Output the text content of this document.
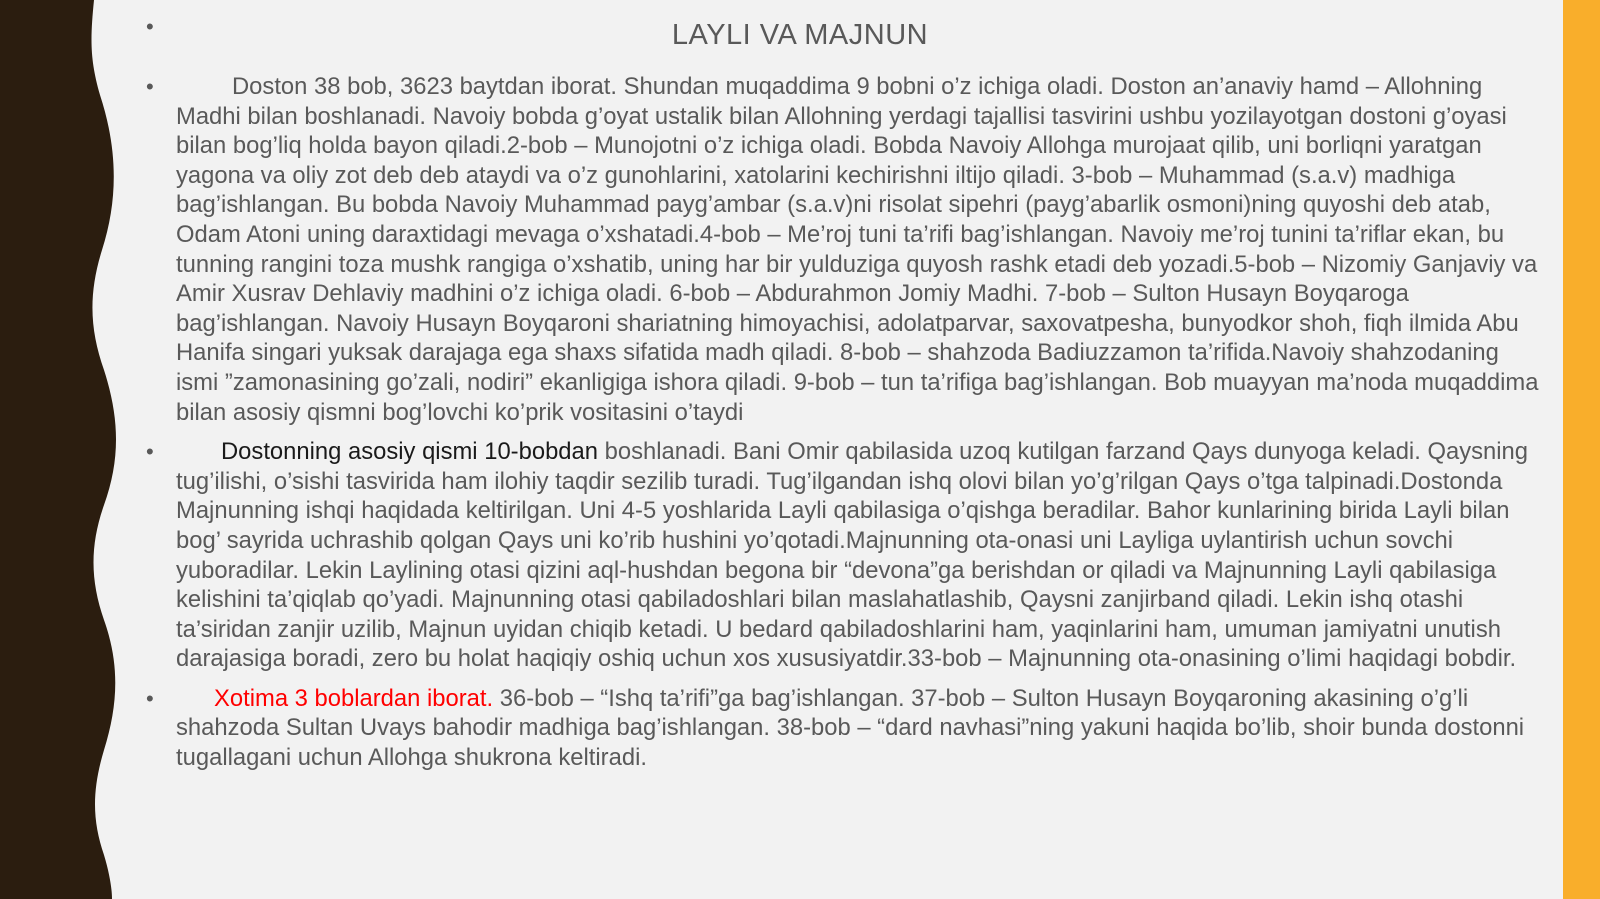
•	LAYLI VA MAJNUN
•	Doston 38 bob, 3623 baytdan iborat. Shundan muqaddima 9 bobni o’z ichiga oladi. Doston an’anaviy hamd – Allohning Madhi bilan boshlanadi. Navoiy bobda g’oyat ustalik bilan Allohning yerdagi tajallisi tasvirini ushbu yozilayotgan dostoni g’oyasi bilan bog’liq holda bayon qiladi.2-bob – Munojotni o’z ichiga oladi. Bobda Navoiy Allohga murojaat qilib, uni borliqni yaratgan yagona va oliy zot deb deb ataydi va o’z gunohlarini, xatolarini kechirishni iltijo qiladi. 3-bob – Muhammad (s.a.v) madhiga bag’ishlangan. Bu bobda Navoiy Muhammad payg’ambar (s.a.v)ni risolat sipehri (payg’abarlik osmoni)ning quyoshi deb atab, Odam Atoni uning daraxtidagi mevaga o’xshatadi.4-bob – Me’roj tuni ta’rifi bag’ishlangan. Navoiy me’roj tunini ta’riflar ekan, bu tunning rangini toza mushk rangiga o’xshatib, uning har bir yulduziga quyosh rashk etadi deb yozadi.5-bob – Nizomiy Ganjaviy va Amir Xusrav Dehlaviy madhini o’z ichiga oladi. 6-bob – Abdurahmon Jomiy Madhi. 7-bob – Sulton Husayn Boyqaroga bag’ishlangan. Navoiy Husayn Boyqaroni shariatning himoyachisi, adolatparvar, saxovatpesha, bunyodkor shoh, fiqh ilmida Abu Hanifa singari yuksak darajaga ega shaxs sifatida madh qiladi. 8-bob – shahzoda Badiuzzamon ta’rifida.Navoiy shahzodaning ismi ”zamonasining go’zali, nodiri” ekanligiga ishora qiladi. 9-bob – tun ta’rifiga bag’ishlangan. Bob muayyan ma’noda muqaddima bilan asosiy qismni bog’lovchi ko’prik vositasini o’taydi
•	Dostonning asosiy qismi 10-bobdan boshlanadi. Bani Omir qabilasida uzoq kutilgan farzand Qays dunyoga keladi. Qaysning tug’ilishi, o’sishi tasvirida ham ilohiy taqdir sezilib turadi. Tug’ilgandan ishq olovi bilan yo’g’rilgan Qays o’tga talpinadi.Dostonda Majnunning ishqi haqidada keltirilgan. Uni 4-5 yoshlarida Layli qabilasiga o’qishga beradilar. Bahor kunlarining birida Layli bilan bog’ sayrida uchrashib qolgan Qays uni ko’rib hushini yo’qotadi.Majnunning ota-onasi uni Layliga uylantirish uchun sovchi yuboradilar. Lekin Laylining otasi qizini aql-hushdan begona bir “devona”ga berishdan or qiladi va Majnunning Layli qabilasiga kelishini ta’qiqlab qo’yadi. Majnunning otasi qabiladoshlari bilan maslahatlashib, Qaysni zanjirband qiladi. Lekin ishq otashi ta’siridan zanjir uzilib, Majnun uyidan chiqib ketadi. U bedard qabiladoshlarini ham, yaqinlarini ham, umuman jamiyatni unutish darajasiga boradi, zero bu holat haqiqiy oshiq uchun xos xususiyatdir.33-bob – Majnunning ota-onasining o’limi haqidagi bobdir.
•	Xotima 3 boblardan iborat. 36-bob – “Ishq ta’rifi”ga bag’ishlangan. 37-bob – Sulton Husayn Boyqaroning akasining o’g’li shahzoda Sultan Uvays bahodir madhiga bag’ishlangan. 38-bob – “dard navhasi”ning yakuni haqida bo’lib, shoir bunda dostonni tugallagani uchun Allohga shukrona keltiradi.
